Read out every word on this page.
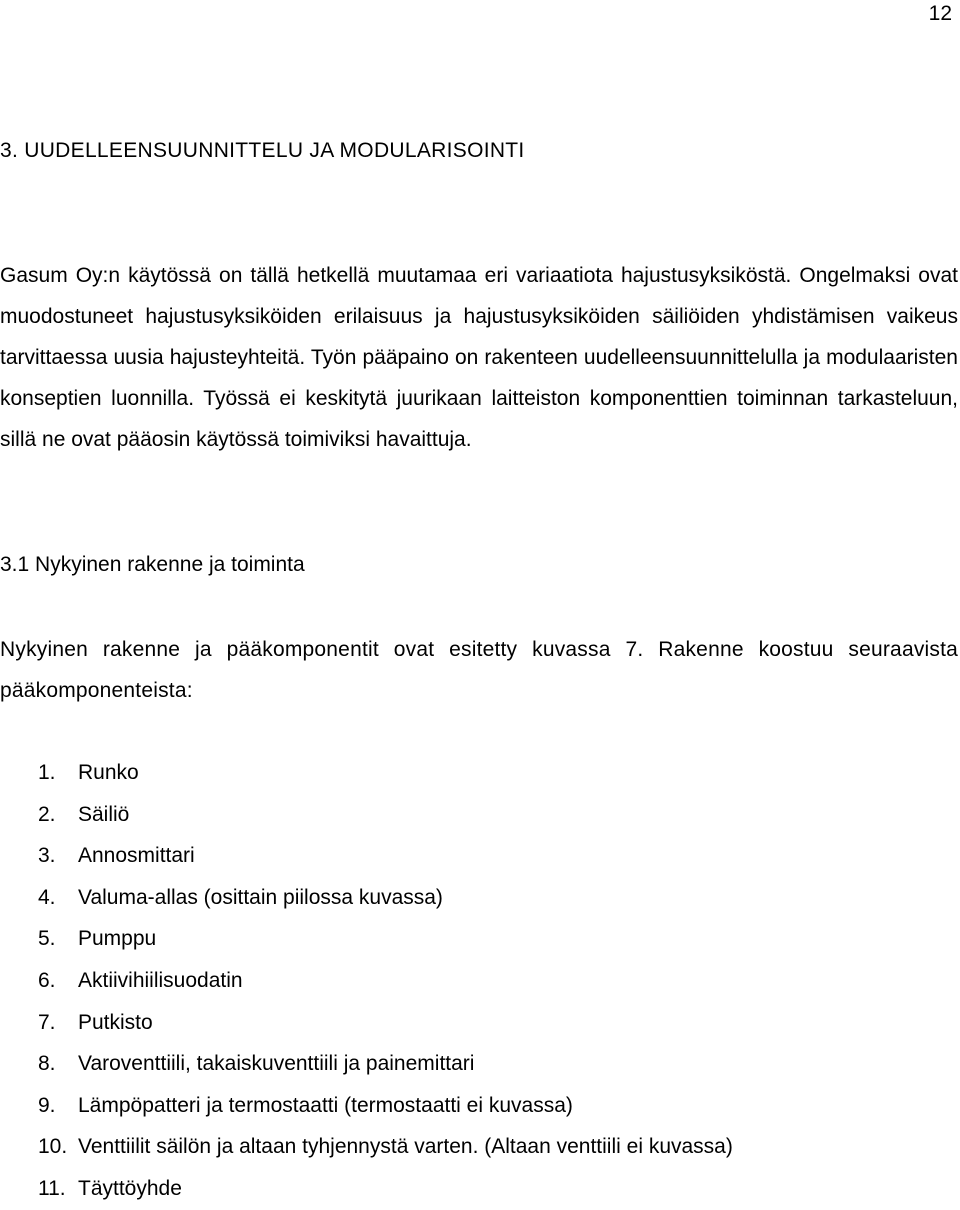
12
3. UUDELLEENSUUNNITTELU JA MODULARISOINTI

Gasum Oy:n käytössä on tällä hetkellä muutamaa eri variaatiota hajustusyksiköstä. Ongelmaksi ovat muodostuneet hajustusyksiköiden erilaisuus ja hajustusyksiköiden säiliöiden yhdistämisen vaikeus tarvittaessa uusia hajusteyhteitä. Työn pääpaino on rakenteen uudelleensuunnittelulla ja modulaaristen konseptien luonnilla. Työssä ei keskitytä juurikaan laitteiston komponenttien toiminnan tarkasteluun, sillä ne ovat pääosin käytössä toimiviksi havaittuja.

3.1 Nykyinen rakenne ja toiminta

Nykyinen rakenne ja pääkomponentit ovat esitetty kuvassa 7. Rakenne koostuu seuraavista pääkomponenteista:

1.	Runko
2.	Säiliö
3.	Annosmittari
4.	Valuma-allas (osittain piilossa kuvassa)
5.	Pumppu
6.	Aktiivihiilisuodatin
7.	Putkisto
8.	Varoventtiili, takaiskuventtiili ja painemittari
9.	Lämpöpatteri ja termostaatti (termostaatti ei kuvassa)
10. Venttiilit säilön ja altaan tyhjennystä varten. (Altaan venttiili ei kuvassa)
11. Täyttöyhde
